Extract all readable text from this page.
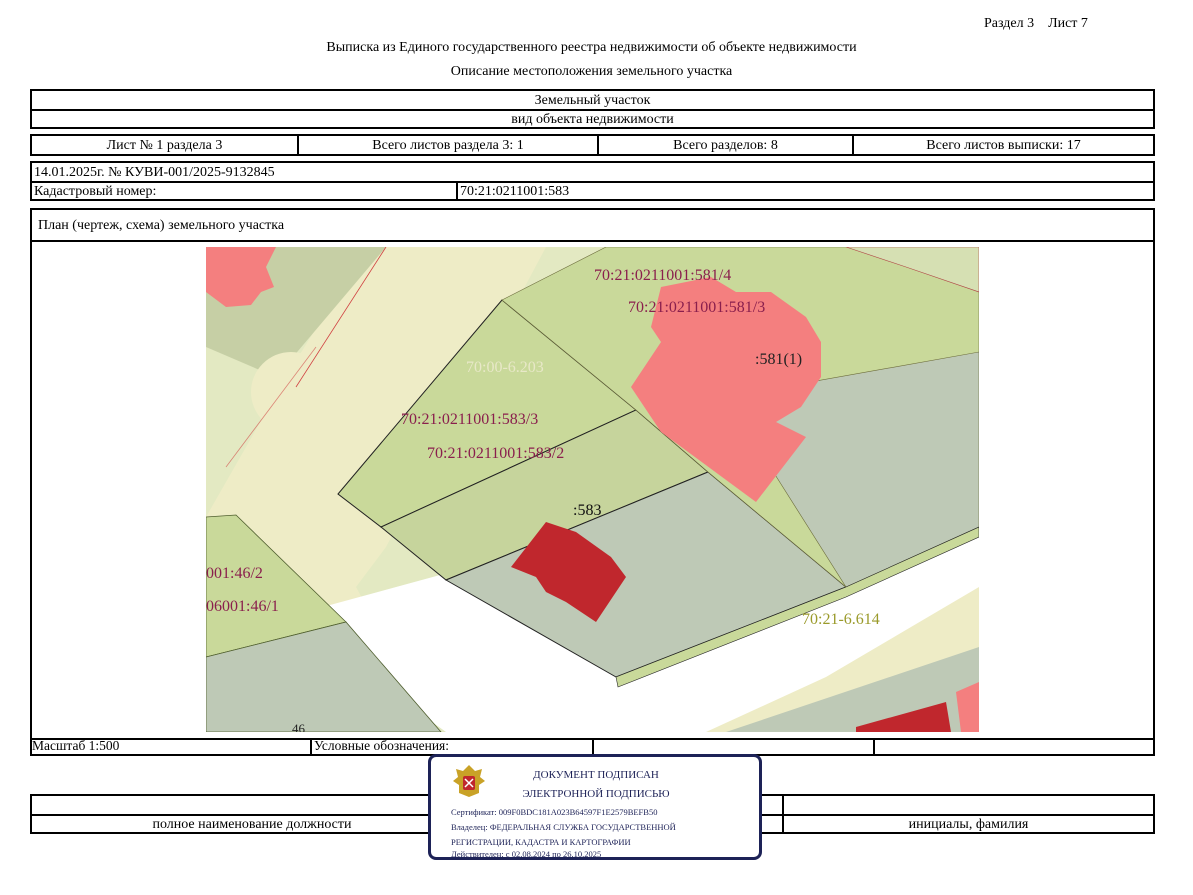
Раздел 3    Лист 7
Выписка из Единого государственного реестра недвижимости об объекте недвижимости
Описание местоположения земельного участка
Земельный участок
вид объекта недвижимости
Лист № 1 раздела 3	Всего листов раздела 3: 1	Всего разделов: 8	Всего листов выписки: 17
14.01.2025г. № КУВИ-001/2025-9132845
Кадастровый номер:	70:21:0211001:583
План (чертеж, схема) земельного участка
70:21:0211001:581/4
70:21:0211001:581/3
:581(1)
70:00-6.203
70:21:0211001:583/3
70:21:0211001:583/2
:583
001:46/2
06001:46/1
70:21-6.614
46
Масштаб 1:500	Условные обозначения:
полное наименование должности	инициалы, фамилия
ДОКУМЕНТ ПОДПИСАН
ЭЛЕКТРОННОЙ ПОДПИСЬЮ
Сертификат: 009F0BDC181A023B64597F1E2579BEFB50
Владелец: ФЕДЕРАЛЬНАЯ СЛУЖБА ГОСУДАРСТВЕННОЙ
РЕГИСТРАЦИИ, КАДАСТРА И КАРТОГРАФИИ
Действителен: с 02.08.2024 по 26.10.2025
